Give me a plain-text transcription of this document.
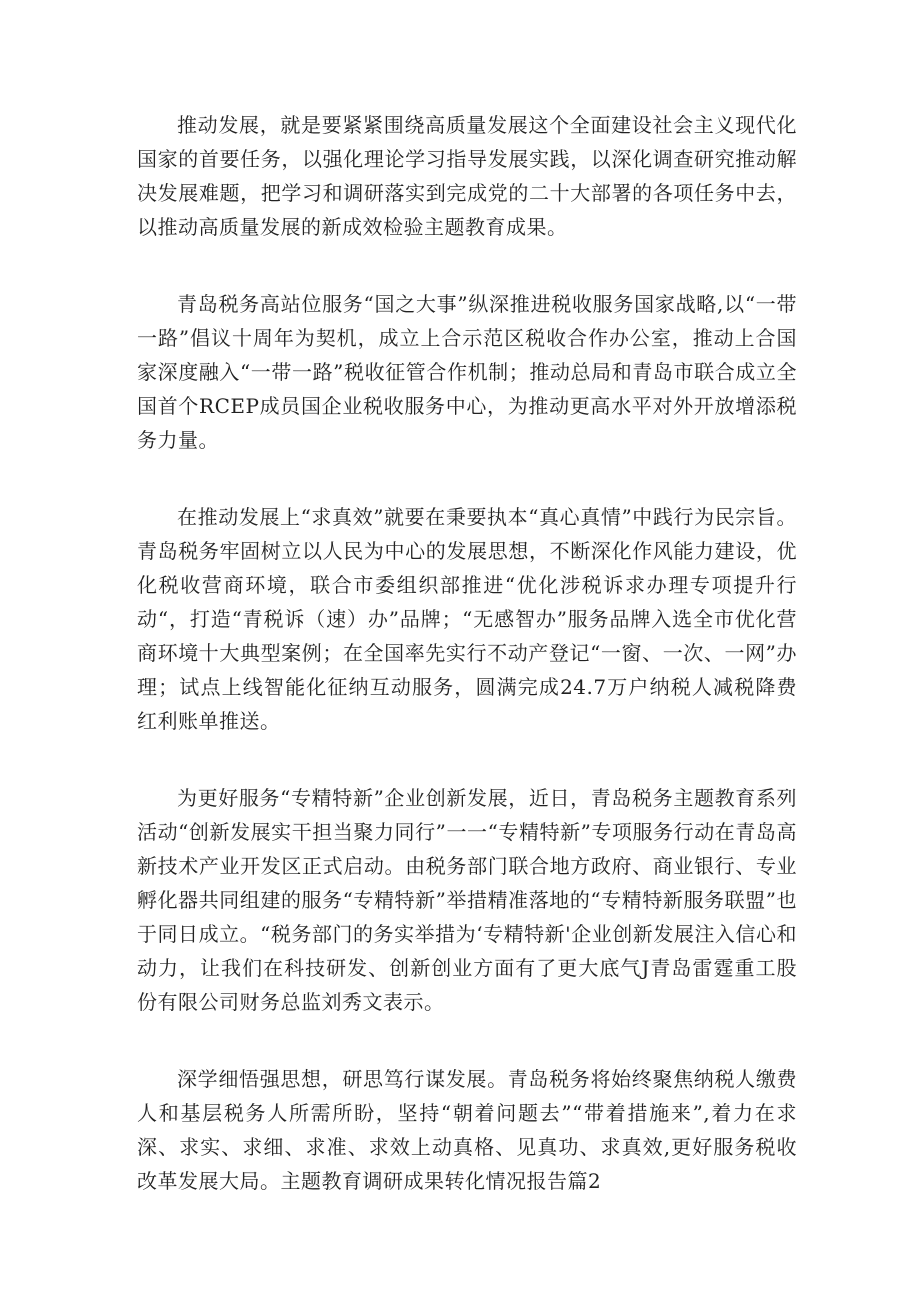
推动发展，就是要紧紧围绕高质量发展这个全面建设社会主义现代化国家的首要任务，以强化理论学习指导发展实践，以深化调查研究推动解决发展难题，把学习和调研落实到完成党的二十大部署的各项任务中去，以推动高质量发展的新成效检验主题教育成果。

青岛税务高站位服务“国之大事”纵深推进税收服务国家战略,以“一带一路”倡议十周年为契机，成立上合示范区税收合作办公室，推动上合国家深度融入“一带一路”税收征管合作机制；推动总局和青岛市联合成立全国首个RCEP成员国企业税收服务中心，为推动更高水平对外开放增添税务力量。

在推动发展上“求真效”就要在秉要执本“真心真情”中践行为民宗旨。青岛税务牢固树立以人民为中心的发展思想，不断深化作风能力建设，优化税收营商环境，联合市委组织部推进“优化涉税诉求办理专项提升行动“，打造“青税诉（速）办”品牌；“无感智办”服务品牌入选全市优化营商环境十大典型案例；在全国率先实行不动产登记“一窗、一次、一网”办理；试点上线智能化征纳互动服务，圆满完成24.7万户纳税人减税降费红利账单推送。

为更好服务“专精特新”企业创新发展，近日，青岛税务主题教育系列活动“创新发展实干担当聚力同行”一一“专精特新”专项服务行动在青岛高新技术产业开发区正式启动。由税务部门联合地方政府、商业银行、专业孵化器共同组建的服务“专精特新”举措精准落地的“专精特新服务联盟”也于同日成立。“税务部门的务实举措为‘专精特新'企业创新发展注入信心和动力，让我们在科技研发、创新创业方面有了更大底气J青岛雷霆重工股份有限公司财务总监刘秀文表示。

深学细悟强思想，研思笃行谋发展。青岛税务将始终聚焦纳税人缴费人和基层税务人所需所盼，坚持“朝着问题去”“带着措施来”,着力在求深、求实、求细、求准、求效上动真格、见真功、求真效,更好服务税收改革发展大局。主题教育调研成果转化情况报告篇2
